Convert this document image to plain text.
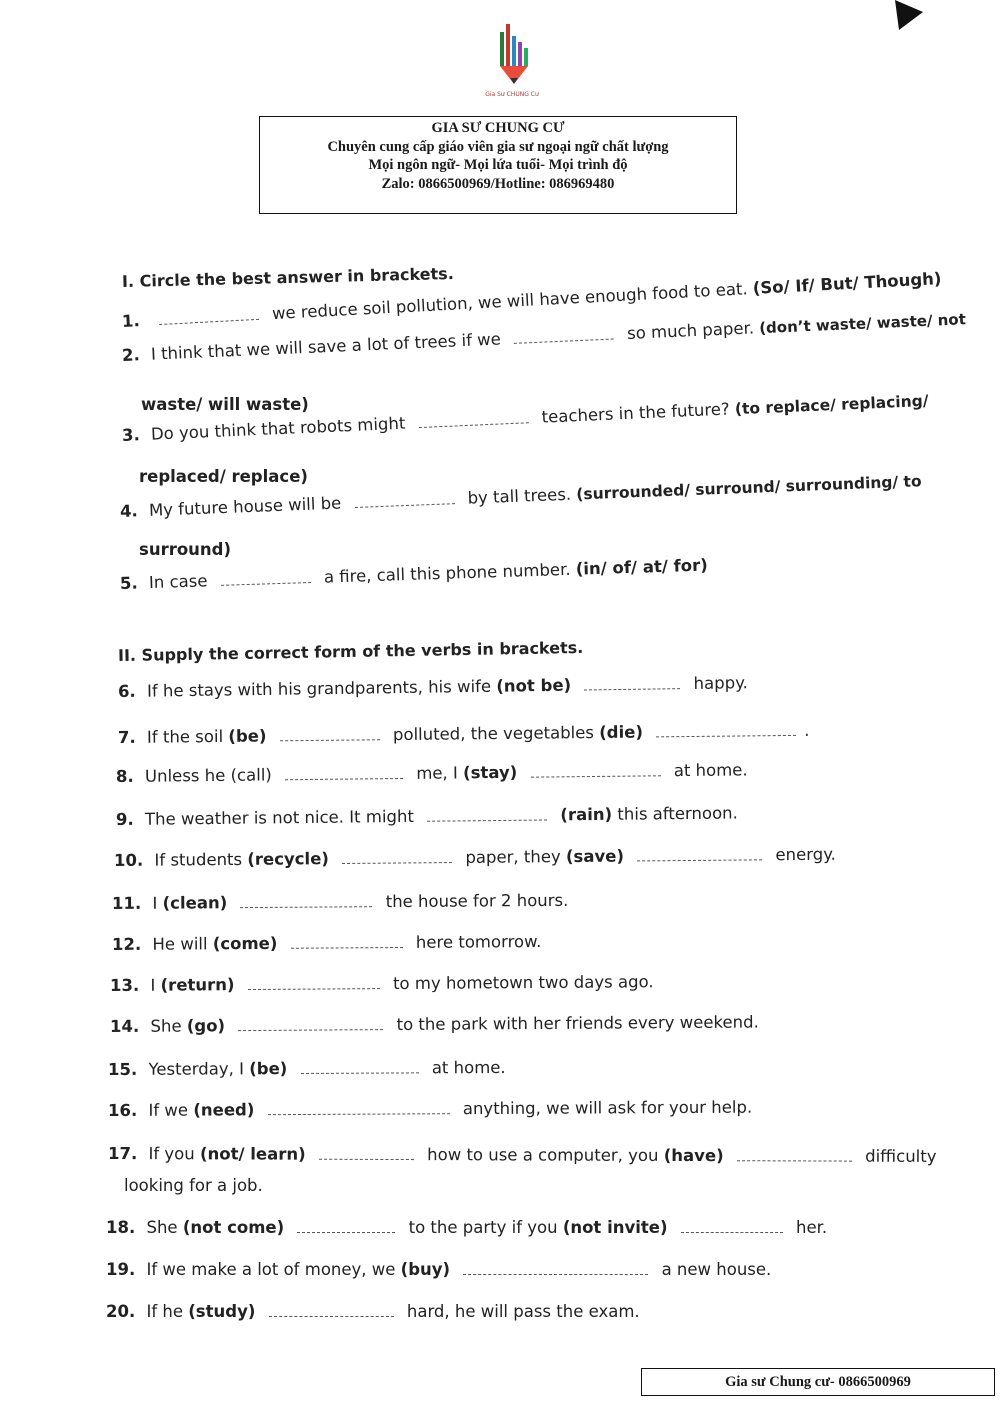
Gia Sư CHUNG Cư
GIA SƯ CHUNG CƯ
Chuyên cung cấp giáo viên gia sư ngoại ngữ chất lượng
Mọi ngôn ngữ- Mọi lứa tuổi- Mọi trình độ
Zalo: 0866500969/Hotline: 086969480
I. Circle the best answer in brackets.
1.	we reduce soil pollution, we will have enough food to eat. (So/ If/ But/ Though)
2. I think that we will save a lot of trees if we	so much paper. (don’t waste/ waste/ not
waste/ will waste)
3. Do you think that robots might  teachers in the future? (to replace/ replacing/
replaced/ replace)
4. My future house will be	by tall trees. (surrounded/ surround/ surrounding/ to
surround)
5. In case	a fire, call this phone number. (in/ of/ at/ for)
II. Supply the correct form of the verbs in brackets.
6. If he stays with his grandparents, his wife (not be)	happy.
7. If the soil (be)	polluted, the vegetables (die)	.
8. Unless he (call)	me, I (stay)	at home.
9. The weather is not nice. It might	(rain) this afternoon.
10. If students (recycle)	paper, they (save)	energy.
11. I (clean)	the house for 2 hours.
12. He will (come)	here tomorrow.
13. I (return)	to my hometown two days ago.
14. She (go)	to the park with her friends every weekend.
15. Yesterday, I (be)	at home.
16. If we (need)	anything, we will ask for your help.
17. If you (not/ learn)	how to use a computer, you (have)	difficulty
looking for a job.
18. She (not come)	to the party if you (not invite)	her.
19. If we make a lot of money, we (buy)	a new house.
20. If he (study)	hard, he will pass the exam.
Gia sư Chung cư- 0866500969
